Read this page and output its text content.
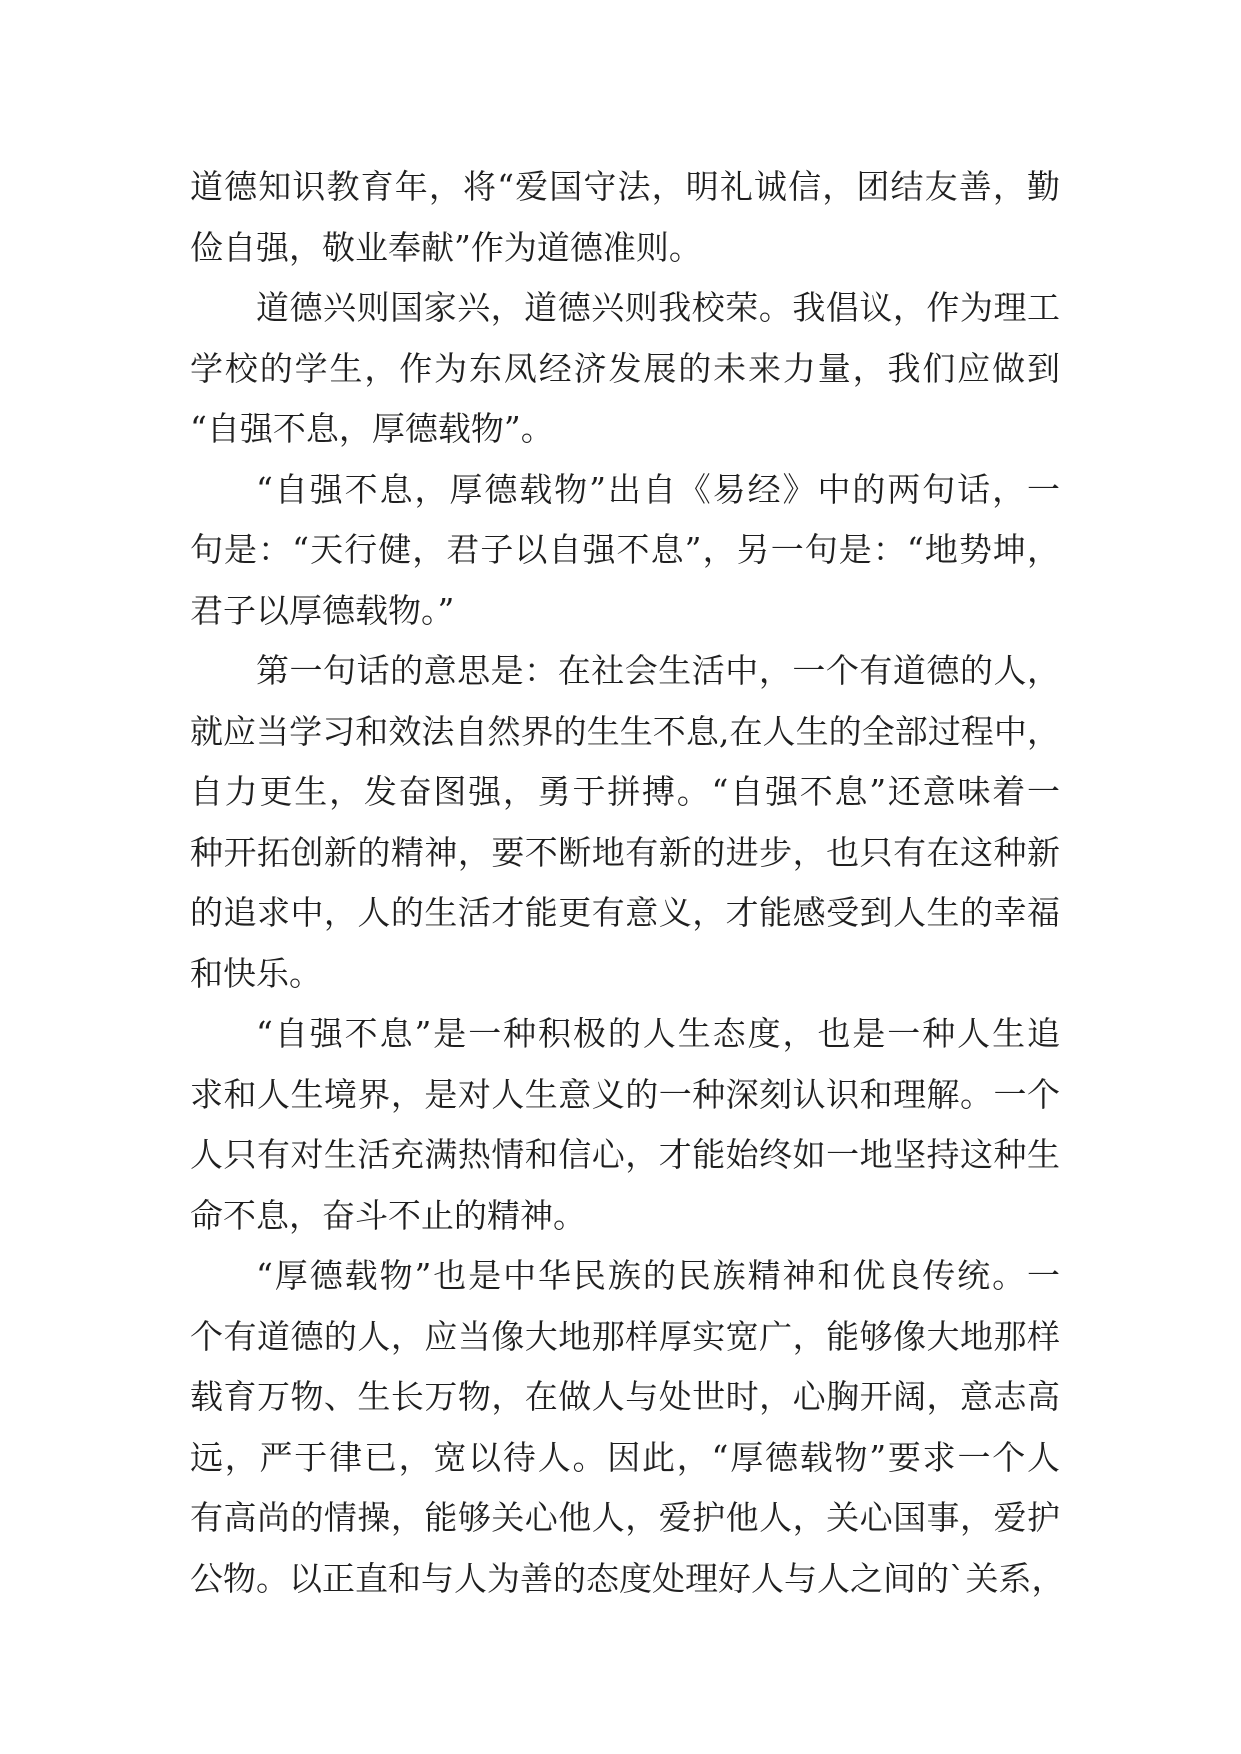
道德知识教育年，将“爱国守法，明礼诚信，团结友善，勤
俭自强，敬业奉献”作为道德准则。
道德兴则国家兴，道德兴则我校荣。我倡议，作为理工
学校的学生，作为东凤经济发展的未来力量，我们应做到
“自强不息，厚德载物”。
“自强不息，厚德载物”出自《易经》中的两句话，一
句是：“天行健，君子以自强不息”，另一句是：“地势坤，
君子以厚德载物。”
第一句话的意思是：在社会生活中，一个有道德的人，
就应当学习和效法自然界的生生不息,在人生的全部过程中，
自力更生，发奋图强，勇于拼搏。“自强不息”还意味着一
种开拓创新的精神，要不断地有新的进步，也只有在这种新
的追求中，人的生活才能更有意义，才能感受到人生的幸福
和快乐。
“自强不息”是一种积极的人生态度，也是一种人生追
求和人生境界，是对人生意义的一种深刻认识和理解。一个
人只有对生活充满热情和信心，才能始终如一地坚持这种生
命不息，奋斗不止的精神。
“厚德载物”也是中华民族的民族精神和优良传统。一
个有道德的人，应当像大地那样厚实宽广，能够像大地那样
载育万物、生长万物，在做人与处世时，心胸开阔，意志高
远，严于律已，宽以待人。因此，“厚德载物”要求一个人
有高尚的情操，能够关心他人，爱护他人，关心国事，爱护
公物。以正直和与人为善的态度处理好人与人之间的`关系，
